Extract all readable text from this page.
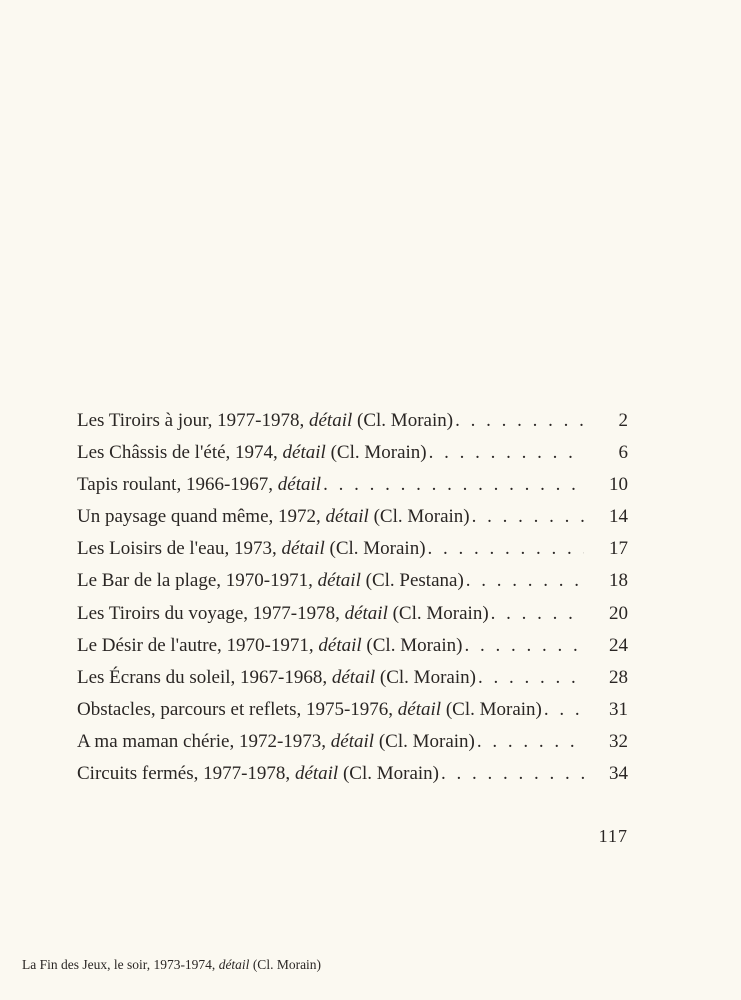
Les Tiroirs à jour, 1977-1978, détail (Cl. Morain) . . .	2
Les Châssis de l'été, 1974, détail (Cl. Morain) . . .	6
Tapis roulant, 1966-1967, détail . . .	10
Un paysage quand même, 1972, détail (Cl. Morain) . . .	14
Les Loisirs de l'eau, 1973, détail (Cl. Morain) . . .	17
Le Bar de la plage, 1970-1971, détail (Cl. Pestana) . . .	18
Les Tiroirs du voyage, 1977-1978, détail (Cl. Morain) . . .	20
Le Désir de l'autre, 1970-1971, détail (Cl. Morain) . . .	24
Les Écrans du soleil, 1967-1968, détail (Cl. Morain) . . .	28
Obstacles, parcours et reflets, 1975-1976, détail (Cl. Morain) . . .	31
A ma maman chérie, 1972-1973, détail (Cl. Morain) . . .	32
Circuits fermés, 1977-1978, détail (Cl. Morain) . . .	34
117
La Fin des Jeux, le soir, 1973-1974, détail (Cl. Morain)
